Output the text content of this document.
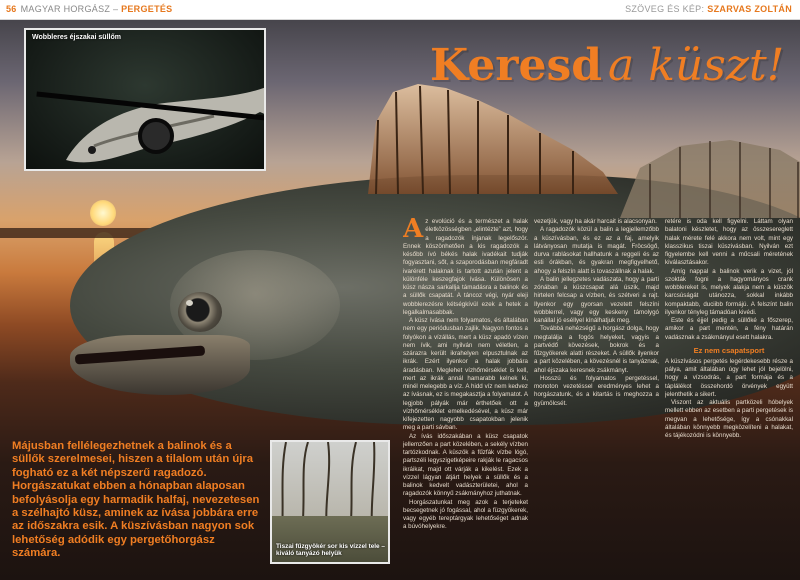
56 MAGYAR HORGÁSZ – PERGETÉS	SZÖVEG ÉS KÉP: SZARVAS ZOLTÁN
Keresd a küszt!
Wobbleres éjszakai süllőm

Az evolúció és a természet a halak életközösségben „elintézte” azt, hogy a ragadozók ínjanak legelőször. Ennek köszönhetően a kis ragadozók a később ívó békés halak ivadékait tudják fogyasztani, sőt, a szaporodásban megfáradt ivarérett halaknak is tartott azután jelent a különféle keszegfajok ívása. Különösen a küsz násza sarkallja támadásra a balinok és a süllők csapatát. A táncoz végi, nyár eleji wobblerezésre kétségkívül ezek a hetek a legalkalmasabbak.

A küsz ívása nem folyamatos, és általában nem egy periódusban zajlik. Nagyon fontos a folyókon a vízállás, mert a küsz apadó vízen nem ívik, ami nyilván nem véletlen, a szárazra került ikrahelyen elpusztulnak az ikrák. Ezért ilyenkor a halak jobbára áradásban. Meglehet vízhőmérséklet is kell, mert az ikrák annál hamarabb kelnek ki, minél melegebb a víz. A hidd víz nem kedvez az ívásnak, ez is megakasztja a folyamatot. A legjobb pályák már érthetőek ott a vízhőmérséklet emelkedésével, a küsz már kifejezetten nagyobb csapatokban jelenik meg a parti sávban.

Az ívás időszakában a küsz csapatok jellemzően a part közelében, a sekély vízben tartózkodnak. A küszök a fűzfák vízbe lógó, partszéli legyszigetképeire rakják le ragacsos ikráikat, majd ott várják a kikelést. Ezek a vízzel lágyan átjárt helyek a süllők és a balinok kedvelt vadászterületei, ahol a ragadozók könnyű zsákmányhoz juthatnak.

Horgászatunkat meg azok a terjeteket becsegetnek jó fogással, ahol a füzgyökerek, vagy egyéb tereptárgyak lehetőséget adnak a búvóhelyekre.

vezetjük, vagy ha akár harcait is alacsonyan.

A ragadozók közül a balin a legjellemzőbb a küszívásban, és ez az a faj, amelyik látványosan mutatja is magát. Fröcsögő, durva rablásokat hallhatunk a reggeli és az esti órákban, és gyakran megfigyelhető, ahogy a felszín alatt is tovaszállnak a halak.

A balin jellegzetes vadászata, hogy a parti zónában a küszcsapat alá úszik, majd hirtelen felcsap a vízben, és szétveri a rajt. Ilyenkor egy gyorsan vezetett felszíni wobblerrel, vagy egy keskeny támolygó kanállal jó eséllyel kínálhatjuk meg.

Továbbá nehézségű a horgász dolga, hogy megtalálja a fogós helyeket, vagyis a partvédő kövezések, bokrok és a fűzgyökerek alatti részeket. A süllők ilyenkor a part közelében, a kövezésnél is tanyáznak, ahol éjszaka keresnek zsákmányt.

Hosszú és folyamatos pergetéssel, monoton vezetéssel eredményes lehet a horgászatunk, és a kitartás is meghozza a gyümölcsét.

retére is oda kell figyelni. Láttam olyan balatoni készletet, hogy az összesereglett halak mérete felé akkora nem volt, mint egy klasszikus tiszai küszivásban. Nyilván ezt figyelembe kell venni a műcsali méretének kiválasztásakor.

Amíg nappal a balinok verik a vizet, jól szokták fogni a hagyományos crank wobblereket is, melyek alakja nem a küszök karcsúságát utánozza, sokkal inkább kompaktabb, duciibb formájú. A felszínt balin ilyenkor tényleg támadóan kivédi.

Este és éjjel pedig a süllőké a főszerep, amikor a part mentén, a fény határán vadásznak a zsákmányul esett halakra.

Ez nem csapatsport

A küszívásos pergetés legérdekesebb része a pálya, amit általában úgy lehet jól bejelölni, hogy a vízsodrás, a part formája és a táplálékot összehordó örvények együtt jelenthetik a sikert.

Viszont az aktuális partközeli hóbelyek mellett ebben az esetben a parti pergetések is megvan a lehetősége, így a csónakkal általában könnyebb megközelíteni a halakat, és tájékozódni is könnyebb.

Májusban fellélegezhetnek a balinok és a süllők szerelmesei, hiszen a tilalom után újra fogható ez a két népszerű ragadozó. Horgászatukat ebben a hónapban alaposan befolyásolja egy harmadik halfaj, nevezetesen a szélhajtó küsz, aminek az ívása jobbára erre az időszakra esik. A küszívásban nagyon sok lehetőség adódik egy pergetőhorgász számára.
Tiszai fűzgyökér sor kis vízzel tele – kiváló tanyázó helyük
